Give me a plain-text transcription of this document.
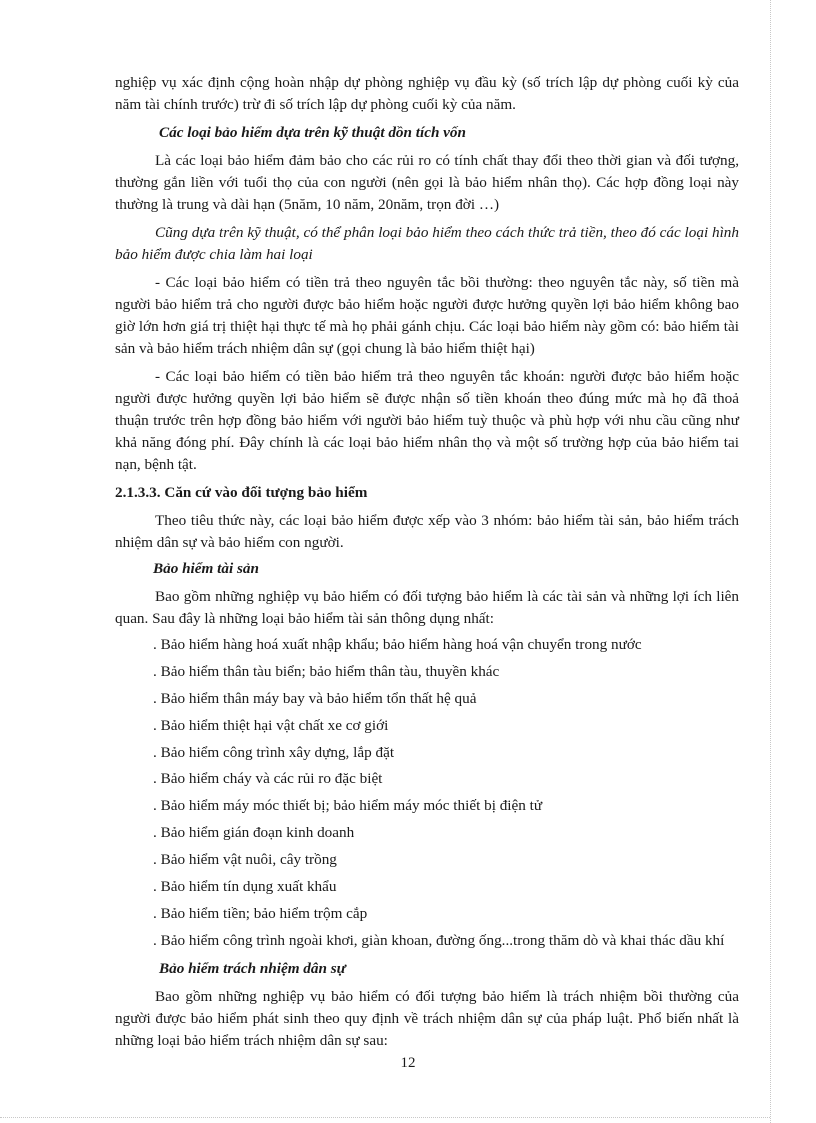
nghiệp vụ xác định cộng hoàn nhập dự phòng nghiệp vụ đầu kỳ (số trích lập dự phòng cuối kỳ của năm tài chính trước) trừ đi số trích lập dự phòng cuối kỳ của năm.

Các loại bảo hiểm dựa trên kỹ thuật dồn tích vốn

Là các loại bảo hiểm đảm bảo cho các rủi ro có tính chất thay đổi theo thời gian và đối tượng, thường gắn liền với tuổi thọ của con người (nên gọi là bảo hiểm nhân thọ). Các hợp đồng loại này thường là trung và dài hạn (5năm, 10 năm, 20năm, trọn đời …)

Cũng dựa trên kỹ thuật, có thể phân loại bảo hiểm theo cách thức trả tiền, theo đó các loại hình bảo hiểm được chia làm hai loại

- Các loại bảo hiểm có tiền trả theo nguyên tắc bồi thường: theo nguyên tắc này, số tiền mà người bảo hiểm trả cho người được bảo hiểm hoặc người được hưởng quyền lợi bảo hiểm không bao giờ lớn hơn giá trị thiệt hại thực tế mà họ phải gánh chịu. Các loại bảo hiểm này gồm có: bảo hiểm tài sản và bảo hiểm trách nhiệm dân sự (gọi chung là bảo hiểm thiệt hại)

- Các loại bảo hiểm có tiền bảo hiểm trả theo nguyên tắc khoán: người được bảo hiểm hoặc người được hưởng quyền lợi bảo hiểm sẽ được nhận số tiền khoán theo đúng mức mà họ đã thoả thuận trước trên hợp đồng bảo hiểm với người bảo hiểm tuỳ thuộc và phù hợp với nhu cầu cũng như khả năng đóng phí. Đây chính là các loại bảo hiểm nhân thọ và một số trường hợp của bảo hiểm tai nạn, bệnh tật.

2.1.3.3. Căn cứ vào đối tượng bảo hiểm

Theo tiêu thức này, các loại bảo hiểm được xếp vào 3 nhóm: bảo hiểm tài sản, bảo hiểm trách nhiệm dân sự và bảo hiểm con người.

Bảo hiểm tài sản

Bao gồm những nghiệp vụ bảo hiểm có đối tượng bảo hiểm là các tài sản và những lợi ích liên quan. Sau đây là những loại bảo hiểm tài sản thông dụng nhất:

. Bảo hiểm hàng hoá xuất nhập khẩu; bảo hiểm hàng hoá vận chuyển trong nước
. Bảo hiểm thân tàu biển; bảo hiểm thân tàu, thuyền khác
. Bảo hiểm thân máy bay và bảo hiểm tổn thất hệ quả
. Bảo hiểm thiệt hại vật chất xe cơ giới
. Bảo hiểm công trình xây dựng, lắp đặt
. Bảo hiểm cháy và các rủi ro đặc biệt
. Bảo hiểm máy móc thiết bị; bảo hiểm máy móc thiết bị điện tử
. Bảo hiểm gián đoạn kinh doanh
. Bảo hiểm vật nuôi, cây trồng
. Bảo hiểm tín dụng xuất khẩu
. Bảo hiểm tiền; bảo hiểm trộm cắp
. Bảo hiểm công trình ngoài khơi, giàn khoan, đường ống...trong thăm dò và khai thác dầu khí

Bảo hiểm trách nhiệm dân sự

Bao gồm những nghiệp vụ bảo hiểm có đối tượng bảo hiểm là trách nhiệm bồi thường của người được bảo hiểm phát sinh theo quy định về trách nhiệm dân sự của pháp luật. Phổ biến nhất là những loại bảo hiểm trách nhiệm dân sự sau:

12
